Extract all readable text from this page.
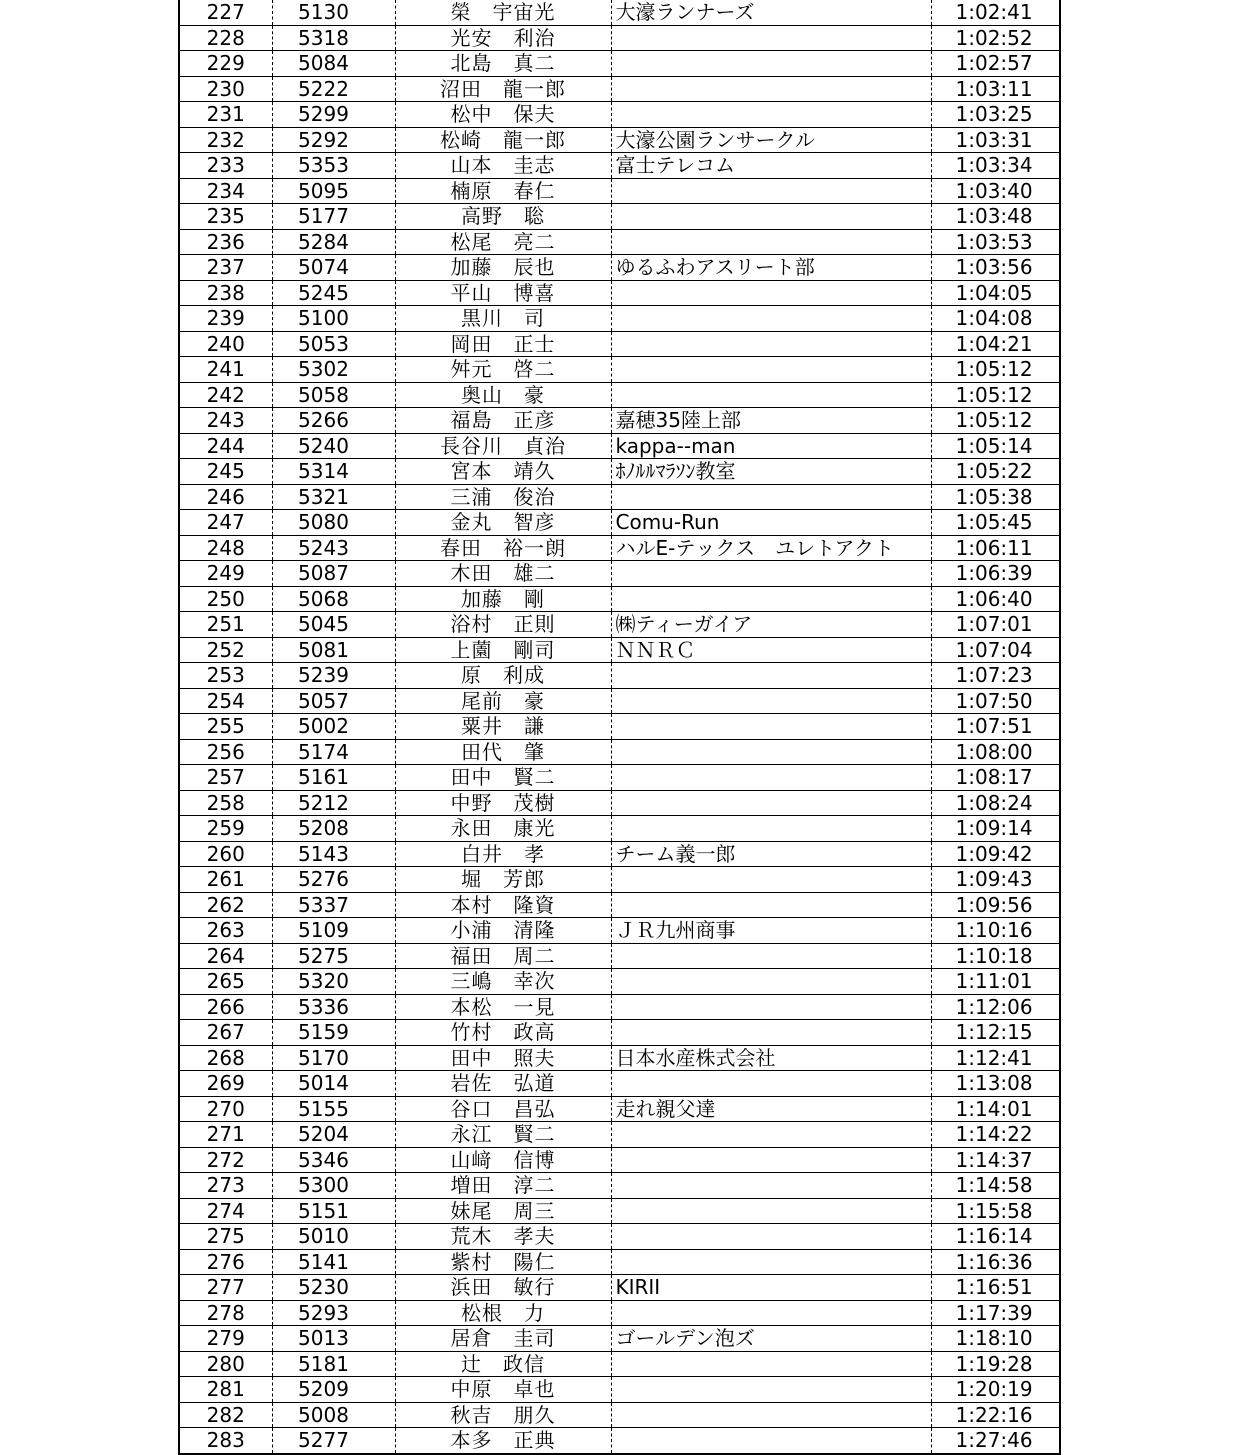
227	5130	榮　宇宙光	大濠ランナーズ	1:02:41
228	5318	光安　利治		1:02:52
229	5084	北島　真二		1:02:57
230	5222	沼田　龍一郎		1:03:11
231	5299	松中　保夫		1:03:25
232	5292	松崎　龍一郎	大濠公園ランサークル	1:03:31
233	5353	山本　圭志	富士テレコム	1:03:34
234	5095	楠原　春仁		1:03:40
235	5177	高野　聡		1:03:48
236	5284	松尾　亮二		1:03:53
237	5074	加藤　辰也	ゆるふわアスリート部	1:03:56
238	5245	平山　博喜		1:04:05
239	5100	黒川　司		1:04:08
240	5053	岡田　正士		1:04:21
241	5302	舛元　啓二		1:05:12
242	5058	奥山　豪		1:05:12
243	5266	福島　正彦	嘉穂35陸上部	1:05:12
244	5240	長谷川　貞治	kappa--man	1:05:14
245	5314	宮本　靖久	ﾎﾉﾙﾙﾏﾗｿﾝ教室	1:05:22
246	5321	三浦　俊治		1:05:38
247	5080	金丸　智彦	Comu-Run	1:05:45
248	5243	春田　裕一朗	ハルE-テックス　ユレトアクト	1:06:11
249	5087	木田　雄二		1:06:39
250	5068	加藤　剛		1:06:40
251	5045	浴村　正則	㈱ティーガイア	1:07:01
252	5081	上薗　剛司	ＮＮＲＣ	1:07:04
253	5239	原　利成		1:07:23
254	5057	尾前　豪		1:07:50
255	5002	粟井　謙		1:07:51
256	5174	田代　肇		1:08:00
257	5161	田中　賢二		1:08:17
258	5212	中野　茂樹		1:08:24
259	5208	永田　康光		1:09:14
260	5143	白井　孝	チーム義一郎	1:09:42
261	5276	堀　芳郎		1:09:43
262	5337	本村　隆資		1:09:56
263	5109	小浦　清隆	ＪＲ九州商事	1:10:16
264	5275	福田　周二		1:10:18
265	5320	三嶋　幸次		1:11:01
266	5336	本松　一見		1:12:06
267	5159	竹村　政高		1:12:15
268	5170	田中　照夫	日本水産株式会社	1:12:41
269	5014	岩佐　弘道		1:13:08
270	5155	谷口　昌弘	走れ親父達	1:14:01
271	5204	永江　賢二		1:14:22
272	5346	山﨑　信博		1:14:37
273	5300	増田　淳二		1:14:58
274	5151	妹尾　周三		1:15:58
275	5010	荒木　孝夫		1:16:14
276	5141	紫村　陽仁		1:16:36
277	5230	浜田　敏行	KIRII	1:16:51
278	5293	松根　力		1:17:39
279	5013	居倉　圭司	ゴールデン泡ズ	1:18:10
280	5181	辻　政信		1:19:28
281	5209	中原　卓也		1:20:19
282	5008	秋吉　朋久		1:22:16
283	5277	本多　正典		1:27:46
